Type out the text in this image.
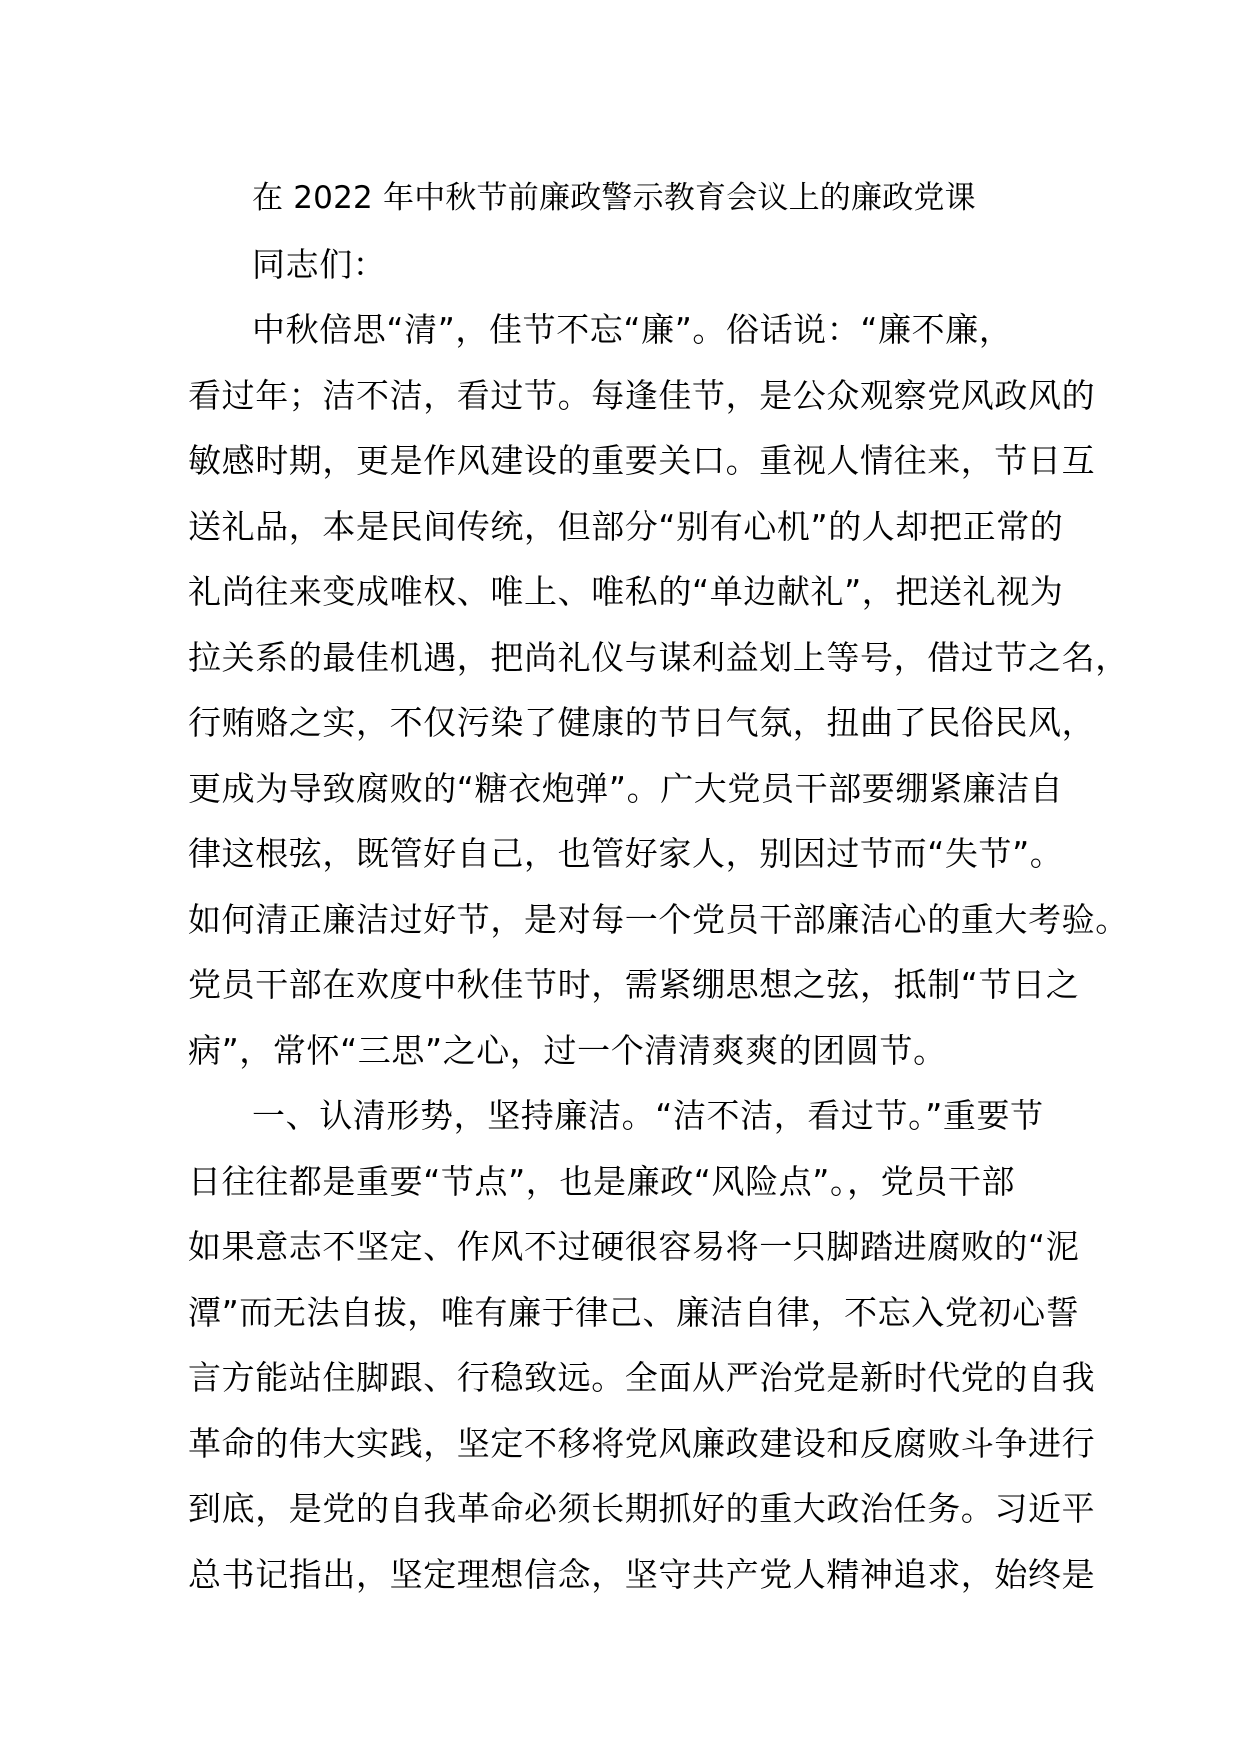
在 2022 年中秋节前廉政警示教育会议上的廉政党课
同志们：
中秋倍思“清”，佳节不忘“廉”。俗话说：“廉不廉，
看过年；洁不洁，看过节。每逢佳节，是公众观察党风政风的
敏感时期，更是作风建设的重要关口。重视人情往来，节日互
送礼品，本是民间传统，但部分“别有心机”的人却把正常的
礼尚往来变成唯权、唯上、唯私的“单边献礼”，把送礼视为
拉关系的最佳机遇，把尚礼仪与谋利益划上等号，借过节之名，
行贿赂之实，不仅污染了健康的节日气氛，扭曲了民俗民风，
更成为导致腐败的“糖衣炮弹”。广大党员干部要绷紧廉洁自
律这根弦，既管好自己，也管好家人，别因过节而“失节”。
如何清正廉洁过好节，是对每一个党员干部廉洁心的重大考验。
党员干部在欢度中秋佳节时，需紧绷思想之弦，抵制“节日之
病”，常怀“三思”之心，过一个清清爽爽的团圆节。
一、认清形势，坚持廉洁。“洁不洁，看过节。”重要节
日往往都是重要“节点”，也是廉政“风险点”。，党员干部
如果意志不坚定、作风不过硬很容易将一只脚踏进腐败的“泥
潭”而无法自拔，唯有廉于律己、廉洁自律，不忘入党初心誓
言方能站住脚跟、行稳致远。全面从严治党是新时代党的自我
革命的伟大实践，坚定不移将党风廉政建设和反腐败斗争进行
到底，是党的自我革命必须长期抓好的重大政治任务。习近平
总书记指出，坚定理想信念，坚守共产党人精神追求，始终是
